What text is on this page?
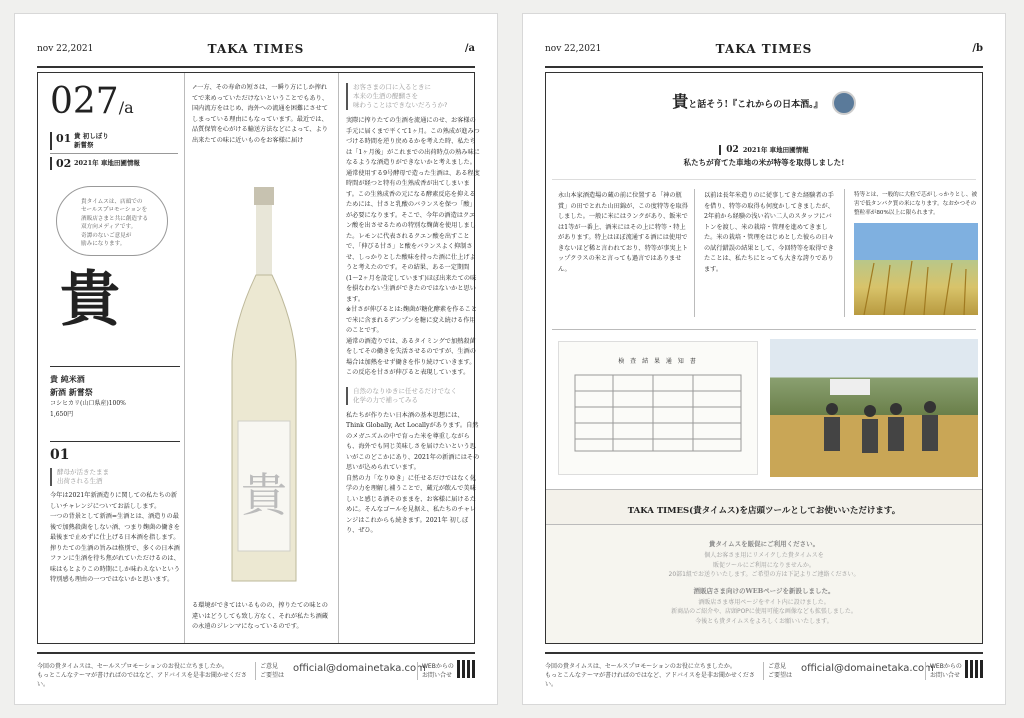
nov 22,2021	TAKA TIMES	/a
027/a
01 貴 初しぼり
新嘗祭
02 2021年 車地田圃情報
貴タイムスは、店頭での
セールスプロモーションを
酒販店さまと共に創造する
双方向メディアです。
奇譚のないご意見が
励みになります。
貴
貴 純米酒
新酒 新嘗祭
コシヒカリ(山口県産)100%
1,650円
01
酵母が活きたまま
出荷される生酒
今年は2021年新酒造りに関しての私たちの新しいチャレンジについてお話しします。
一つの背景として新酒=生酒とは、酒造りの最後で加熱殺菌をしない酒、つまり麹菌の働きを最後まで止めずに仕上げる日本酒を指します。
搾りたての生酒の旨みは格別で、多くの日本酒ファンに生酒を待ち焦がれていただけるのは、味はもとよりこの時期にしか味わえないという特別感も理由の一つではないかと思います。
↗一方、その寿命の短さは、一瞬り方にしか搾れてで来めっていただけないということでもあり、国内流方をはじめ、海外への流通を困難にさせてしまっている理由にもなっています。最近では、品質保管を心がける輸送方法などによって、より出来たての味に近いものをお客様に届け
貴
る環境ができてはいるものの、搾りたての味との違いはどうしても致し方なく、それが私たち酒蔵の永遠のジレンマになっているのです。
お客さまの口に入るときに
本来の生酒の醍醐さを
味わうことはできないだろうか?
実際に搾りたての生酒を流通にのせ、お客様の手元に届くまで平くて1ヶ月。この熟成が進みつづける時間を逆り戻めるかを考えた時、私たちは「1ヶ月後」がこれまでの出荷時点の熟み味になるような酒造りができないかと考えました。
通常使用する9号酵母で造った生酒は、ある程度時間が経つと特有の生熟成香が出てしまいます。この生熟成香の元になる酵素反応を抑えるためには、甘さと乳酸のバランスを保つ「酸」が必要になります。そこで、今年の酒造はクエン酸を出させるための特別な麹菌を使用しました。レモンに代表されるクエン酸を出すことで、「伸びる甘さ」と酸をバランスよく抑制させ、しっかりとした酸味を持った酒に仕上げようと考えたのです。その結果、ある一定期間(1〜2ヶ月を設定しています)ほぼ出来たての味を損なわない生酒ができたのではないかと思います。
※甘さが伸びるとは:麹菌が糖化酵素を作ることで米に含まれるデンプンを糖に変え続ける作用のことです。
通常の酒造りでは、あるタイミングで加熱殺菌をしてその働きを失活させるのですが、生酒の場合は加熱をせず働きを作り続けていきます。この反応を甘さが伸びると表現しています。
自然のなりゆきに任せるだけでなく
化学の力で補ってみる
私たちが作りたい日本酒の基本思想には、Think Globally, Act Locallyがあります。自然のメガニズムの中で育った米を尊重しながらも、海外でも同じ美味しさを届けたいという思いがこのどこかにあり、2021年の新酒にはその思いが込められています。
自然の力「なりゆき」に任せるだけではなく化学の力を理解し補うことで、蔵元が飲んで美味しいと感じる酒そのままを、お客様に届けるために。そんなゴールを見据え、私たちのチャレンジはこれからも続きます。2021年 初しぼり、ぜひ。
今回の貴タイムスは、セールスプロモーションのお役に立ちましたか。
もっとこんなテーマが書ければのではなど、アドバイスを是非お聞かせください。
ご意見
ご要望は
official@domainetaka.com
WEBからの
お問い合せ
nov 22,2021	TAKA TIMES	/b
貴と話そう!『これからの日本酒。』
02 2021年 車地田圃情報
私たちが育てた車地の米が特等を取得しました!
永山本家酒造場の蔵の前に位置する「神の瓶賞」の田でとれた山田錦が、この度特等を取得しました。一般に米にはランクがあり、飯米では1等が一番上、酒米にはその上に特等・特上があります。特上はほぼ流通する酒には使用できないほど稀と言われており、特等が事実上トップクラスの米と言っても過言ではありません。
以前は長年米造りのに従事してきた経験者の手を借り、特等の取得も何度かしてきましたが、2年前から経験の浅い若い二人のスタッフにバトンを渡し、米の栽培・管理を進めてきました。米の栽培・管理をはじめとした彼らの日々の試行錯誤の結果として、今回特等を取得できたことは、私たちにとっても大きな誇りであります。
特等とは、一般的に大粒で芯がしっかりとし、被害で低タンパク質の米になります。なおかつその整粒率が80%以上に限られます。
検 査 結 果 通 知 書
TAKA TIMES(貴タイムス)を店頭ツールとしてお使いいただけます。
貴タイムスを販促にご利用ください。
個人お客さま用にリメイクした貴タイムスを
販促ツールにご利用になりませんか。
20部1組でお送りいたします。ご希望の方は下記よりご連絡ください。
酒販店さま向けのWEBページを新設しました。
酒販店さま専用ページをサイト内に設けました。
新商品のご紹介や、店頭POPに使用可能な画像なども拡張しました。
今後とも貴タイムスをよろしくお願いいたします。
今回の貴タイムスは、セールスプロモーションのお役に立ちましたか。
もっとこんなテーマが書ければのではなど、アドバイスを是非お聞かせください。
ご意見
ご要望は
official@domainetaka.com
WEBからの
お問い合せ
